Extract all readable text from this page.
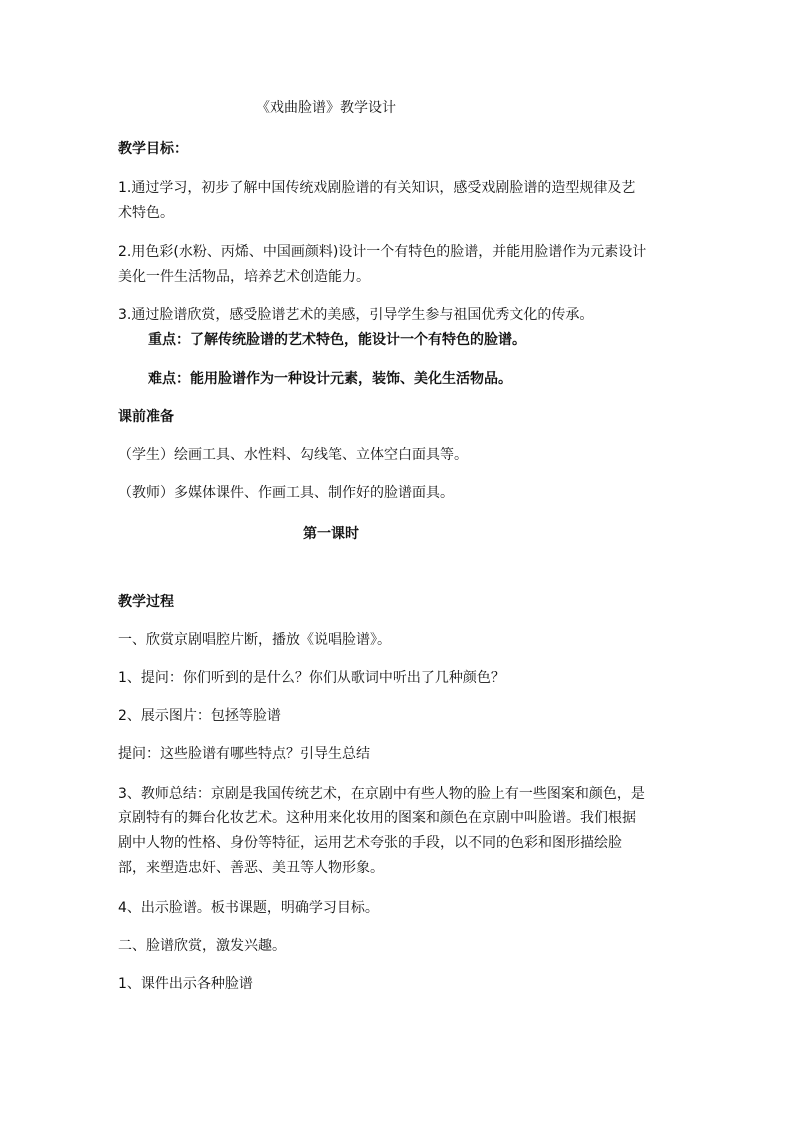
《戏曲脸谱》教学设计
教学目标：
1.通过学习，初步了解中国传统戏剧脸谱的有关知识，感受戏剧脸谱的造型规律及艺
术特色。
2.用色彩(水粉、丙烯、中国画颜料)设计一个有特色的脸谱，并能用脸谱作为元素设计
美化一件生活物品，培养艺术创造能力。
3.通过脸谱欣赏，感受脸谱艺术的美感，引导学生参与祖国优秀文化的传承。
重点：了解传统脸谱的艺术特色，能设计一个有特色的脸谱。
难点：能用脸谱作为一种设计元素，装饰、美化生活物品。
课前准备
（学生）绘画工具、水性料、勾线笔、立体空白面具等。
（教师）多媒体课件、作画工具、制作好的脸谱面具。
第一课时
教学过程
一、欣赏京剧唱腔片断，播放《说唱脸谱》。
1、提问：你们听到的是什么？你们从歌词中听出了几种颜色？
2、展示图片：包拯等脸谱
提问：这些脸谱有哪些特点？引导生总结
3、教师总结：京剧是我国传统艺术，在京剧中有些人物的脸上有一些图案和颜色，是
京剧特有的舞台化妆艺术。这种用来化妆用的图案和颜色在京剧中叫脸谱。我们根据
剧中人物的性格、身份等特征，运用艺术夸张的手段，以不同的色彩和图形描绘脸
部，来塑造忠奸、善恶、美丑等人物形象。
4、出示脸谱。板书课题，明确学习目标。
二、脸谱欣赏，激发兴趣。
1、课件出示各种脸谱
